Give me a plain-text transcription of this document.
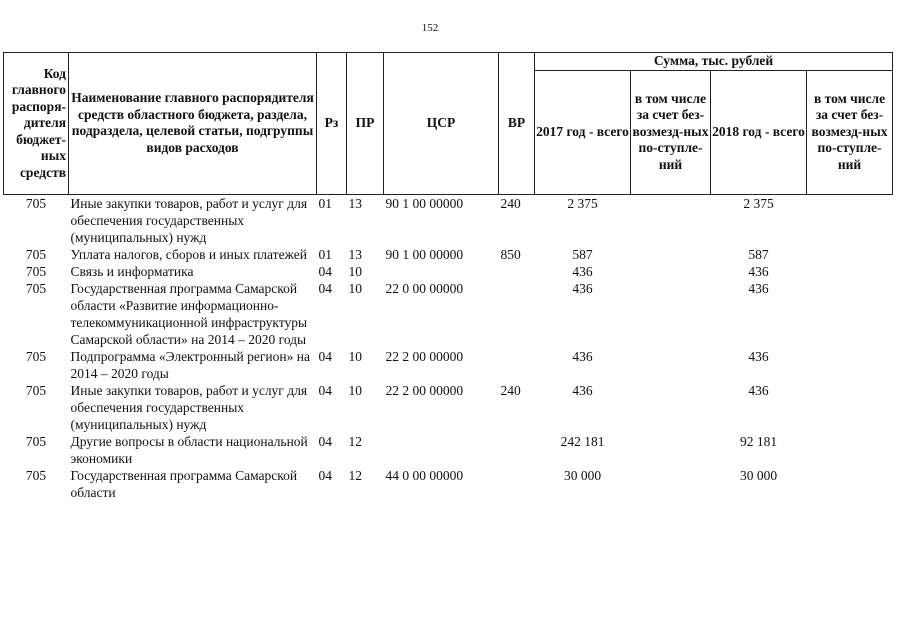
152
Код главного распоря-дителя бюджет-ных средств	Наименование главного распорядителя средств областного бюджета, раздела, подраздела, целевой статьи, подгруппы видов расходов	Рз	ПР	ЦСР	ВР	Сумма, тыс. рублей			
						2017 год - всего	в том числе за счет без-возмезд-ных по-ступле-ний	2018 год - всего	в том числе за счет без-возмезд-ных по-ступле-ний
705	Иные закупки товаров, работ и услуг для обеспечения государственных (муниципальных) нужд	01	13	90 1 00 00000	240	2 375		2 375	
705	Уплата налогов, сборов и иных платежей	01	13	90 1 00 00000	850	587		587	
705	Связь и информатика	04	10			436		436	
705	Государственная программа Самарской области «Развитие информационно-телекоммуникационной инфраструктуры Самарской области» на 2014 – 2020 годы	04	10	22 0 00 00000		436		436	
705	Подпрограмма «Электронный регион» на 2014 – 2020 годы	04	10	22 2 00 00000		436		436	
705	Иные закупки товаров, работ и услуг для обеспечения государственных (муниципальных) нужд	04	10	22 2 00 00000	240	436		436	
705	Другие вопросы в области национальной экономики	04	12			242 181		92 181	
705	Государственная программа Самарской области	04	12	44 0 00 00000		30 000		30 000	
